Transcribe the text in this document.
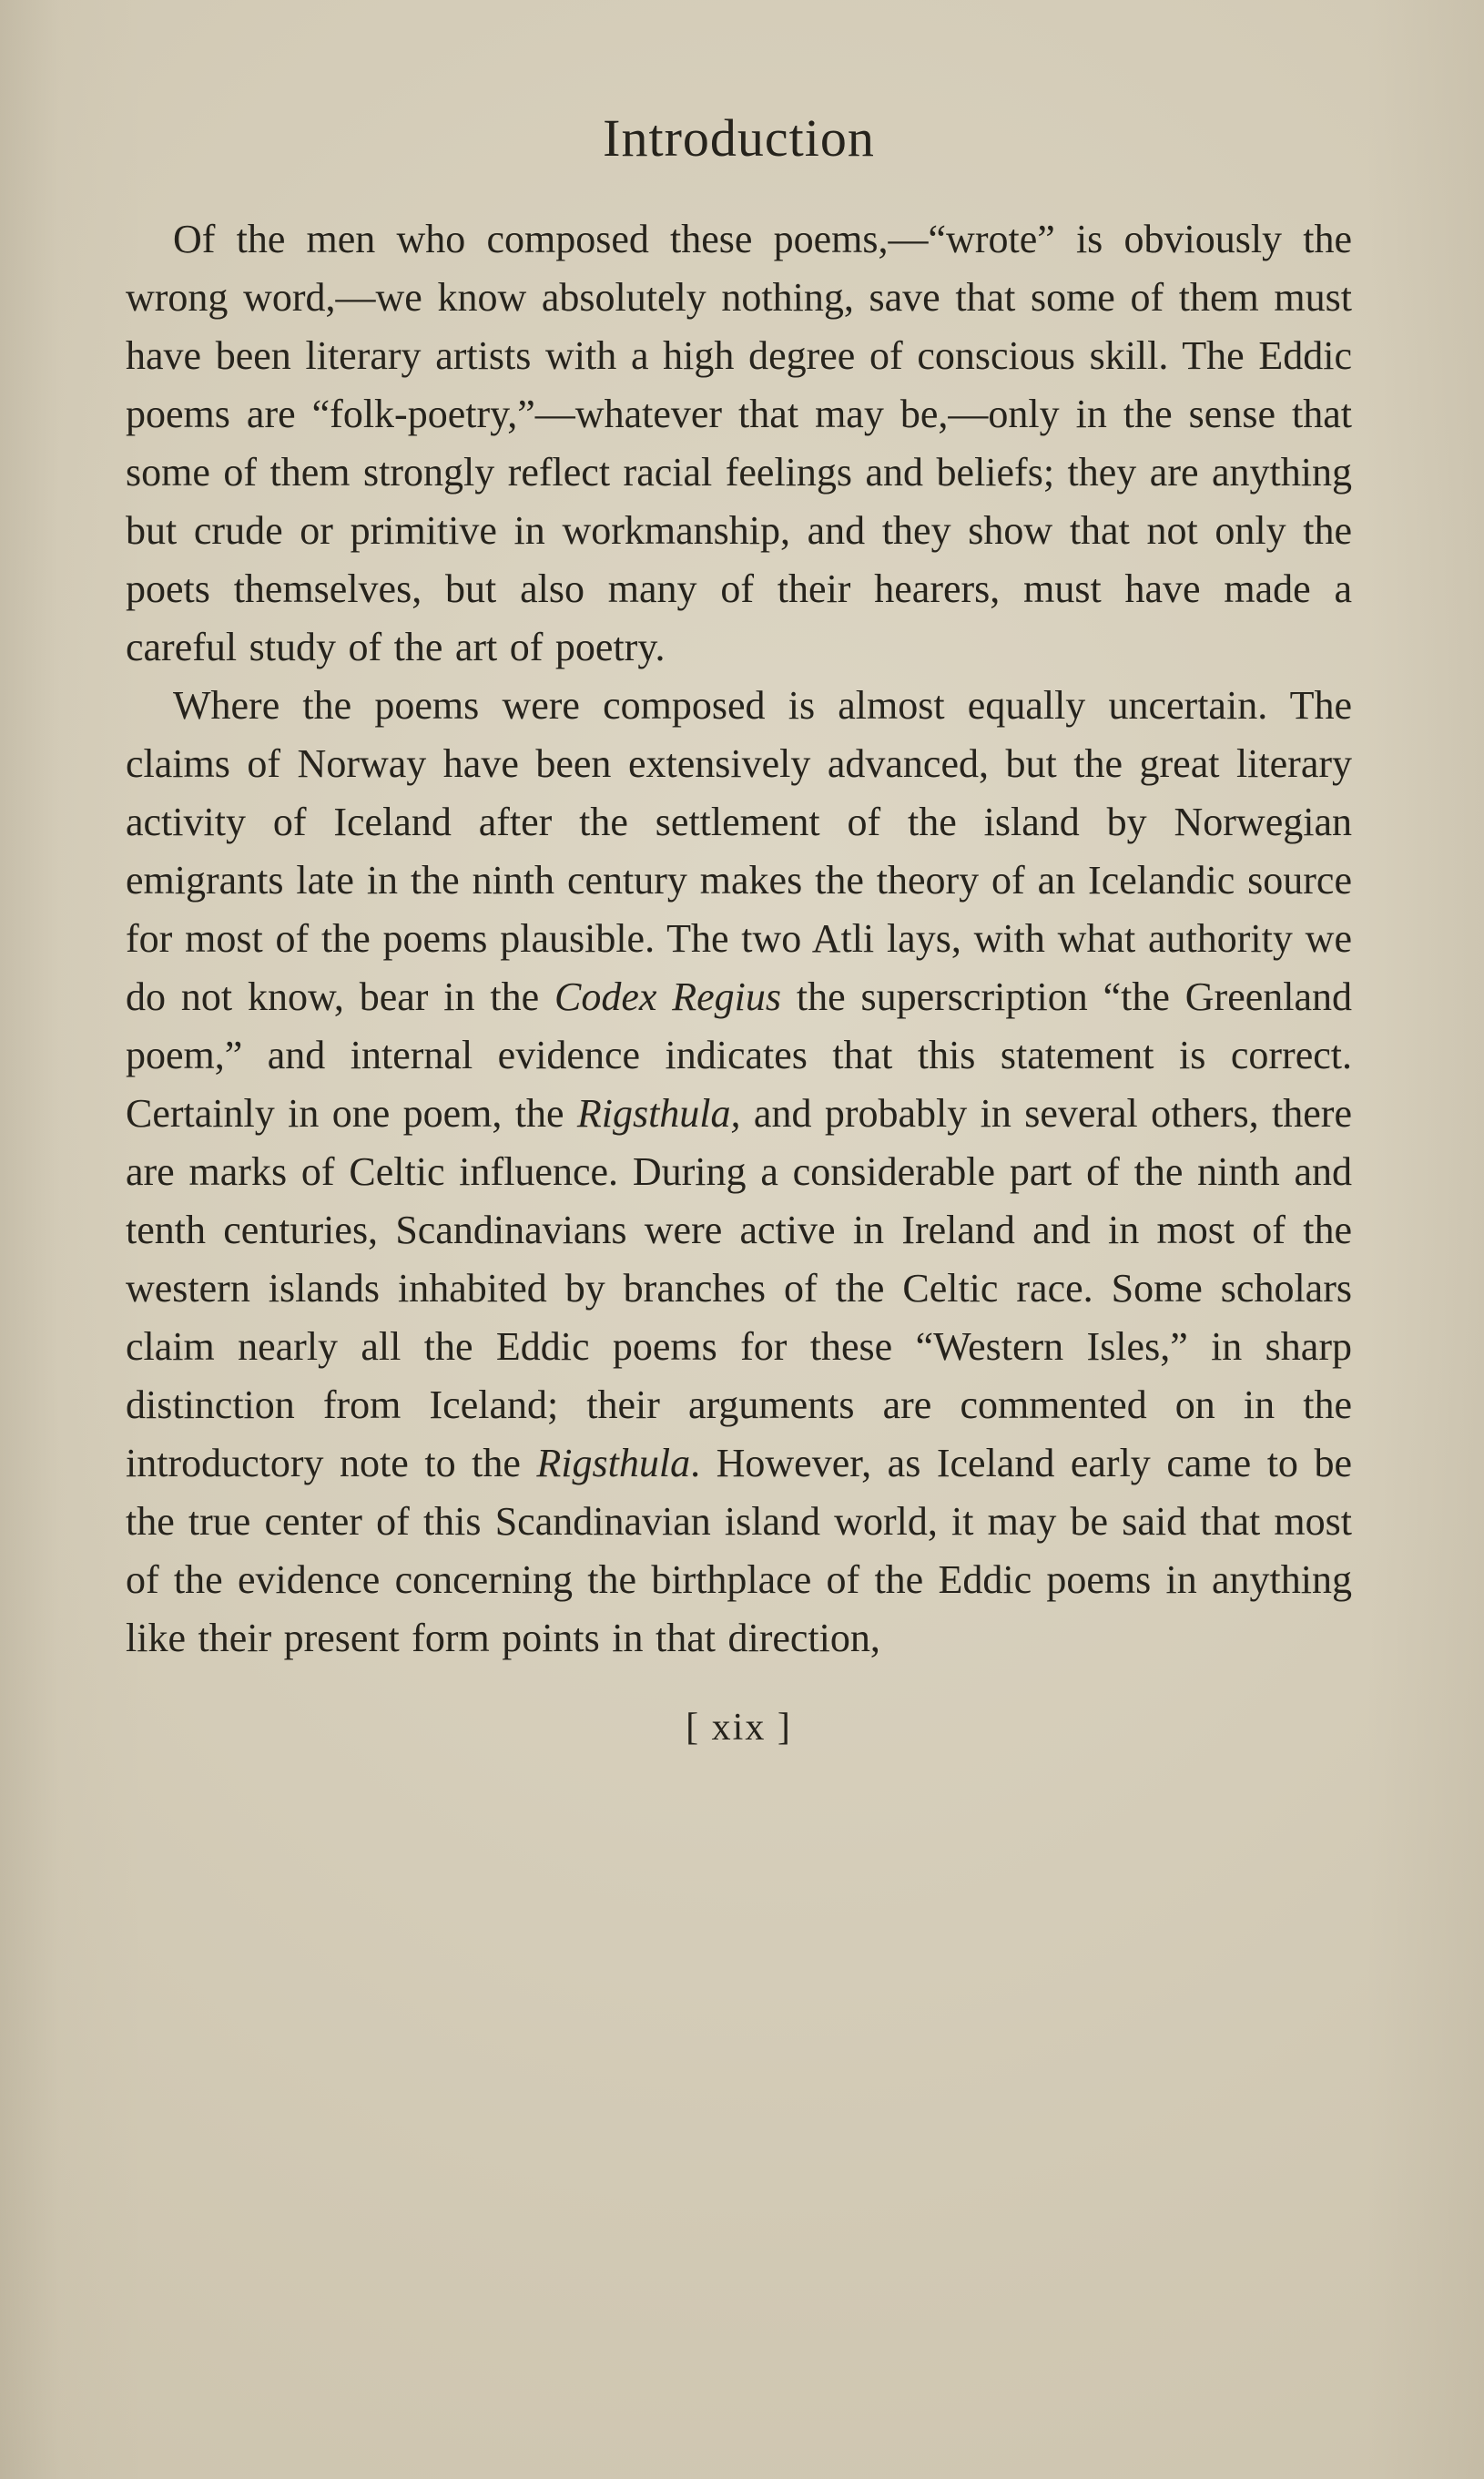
Introduction

Of the men who composed these poems,—“wrote” is obviously the wrong word,—we know absolutely nothing, save that some of them must have been literary artists with a high degree of conscious skill. The Eddic poems are “folk-poetry,”—whatever that may be,—only in the sense that some of them strongly reflect racial feelings and beliefs; they are anything but crude or primitive in workmanship, and they show that not only the poets themselves, but also many of their hearers, must have made a careful study of the art of poetry.

Where the poems were composed is almost equally uncertain. The claims of Norway have been extensively advanced, but the great literary activity of Iceland after the settlement of the island by Norwegian emigrants late in the ninth century makes the theory of an Icelandic source for most of the poems plausible. The two Atli lays, with what authority we do not know, bear in the Codex Regius the superscription “the Greenland poem,” and internal evidence indicates that this statement is correct. Certainly in one poem, the Rigsthula, and probably in several others, there are marks of Celtic influence. During a considerable part of the ninth and tenth centuries, Scandinavians were active in Ireland and in most of the western islands inhabited by branches of the Celtic race. Some scholars claim nearly all the Eddic poems for these “Western Isles,” in sharp distinction from Iceland; their arguments are commented on in the introductory note to the Rigsthula. However, as Iceland early came to be the true center of this Scandinavian island world, it may be said that most of the evidence concerning the birthplace of the Eddic poems in anything like their present form points in that direction,

[ xix ]
